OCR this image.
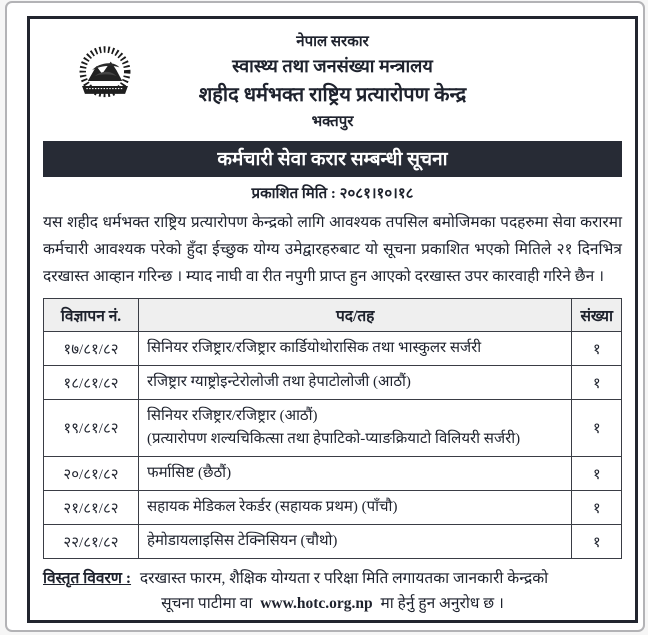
नेपाल सरकार
स्वास्थ्य तथा जनसंख्या मन्त्रालय
शहीद धर्मभक्त राष्ट्रिय प्रत्यारोपण केन्द्र
भक्तपुर
कर्मचारी सेवा करार सम्बन्धी सूचना
प्रकाशित मिति : २०८१।१०।१८
यस शहीद धर्मभक्त राष्ट्रिय प्रत्यारोपण केन्द्रको लागि आवश्यक तपसिल बमोजिमका पदहरुमा सेवा करारमा कर्मचारी आवश्यक परेको हुँदा ईच्छुक योग्य उमेद्वारहरुबाट यो सूचना प्रकाशित भएको मितिले २१ दिनभित्र दरखास्त आव्हान गरिन्छ । म्याद नाघी वा रीत नपुगी प्राप्त हुन आएको दरखास्त उपर कारवाही गरिने छैन ।
विज्ञापन नं.	पद/तह	संख्या
१७/८१/८२	सिनियर रजिष्ट्रार/रजिष्ट्रार कार्डियोथोरासिक तथा भास्कुलर सर्जरी	१
१८/८१/८२	रजिष्ट्रार ग्याष्ट्रोइन्टेरोलोजी तथा हेपाटोलोजी (आठौं)	१
१९/८१/८२	सिनियर रजिष्ट्रार/रजिष्ट्रार (आठौं)
(प्रत्यारोपण शल्यचिकित्सा तथा हेपाटिको-प्याङक्रियाटो विलियरी सर्जरी)	१
२०/८१/८२	फर्मासिष्ट (छैठौं)	१
२१/८१/८२	सहायक मेडिकल रेकर्डर (सहायक प्रथम) (पाँचौ)	१
२२/८१/८२	हेमोडायलाइसिस टेक्निसियन (चौथो)	१
विस्तृत विवरण : दरखास्त फारम, शैक्षिक योग्यता र परिक्षा मिति लगायतका जानकारी केन्द्रको
सूचना पाटीमा वा www.hotc.org.np मा हेर्नु हुन अनुरोध छ ।
